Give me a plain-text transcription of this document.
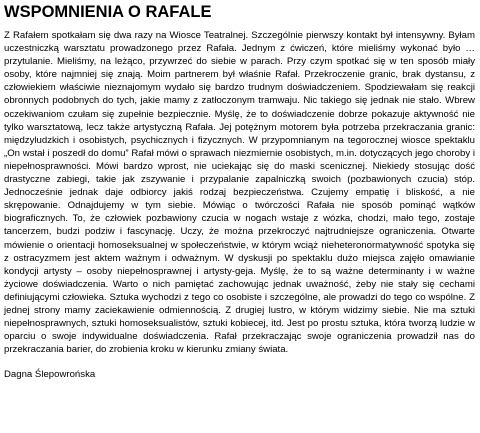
WSPOMNIENIA O RAFALE

Z Rafałem spotkałam się dwa razy na Wiosce Teatralnej. Szczególnie pierwszy kontakt był intensywny. Byłam uczestniczką warsztatu prowadzonego przez Rafała. Jednym z ćwiczeń, które mieliśmy wykonać było … przytulanie. Mieliśmy, na leżąco, przywrzeć do siebie w parach. Przy czym spotkać się w ten sposób miały osoby, które najmniej się znają. Moim partnerem był właśnie Rafał. Przekroczenie granic, brak dystansu, z człowiekiem właściwie nieznajomym wydało się bardzo trudnym doświadczeniem. Spodziewałam się reakcji obronnych podobnych do tych, jakie mamy z zatłoczonym tramwaju. Nic takiego się jednak nie stało. Wbrew oczekiwaniom czułam się zupełnie bezpiecznie. Myślę, że to doświadczenie dobrze pokazuje aktywność nie tylko warsztatową, lecz także artystyczną Rafała. Jej potężnym motorem była potrzeba przekraczania granic: międzyludzkich i osobistych, psychicznych i fizycznych. W przypomnianym na tegorocznej wiosce spektaklu „On wstał i poszedł do domu” Rafał mówi o sprawach niezmiernie osobistych, m.in. dotyczących jego choroby i niepełnosprawności. Mówi bardzo wprost, nie uciekając się do maski scenicznej. Niekiedy stosując dość drastyczne zabiegi, takie jak zszywanie i przypalanie zapalniczką swoich (pozbawionych czucia) stóp. Jednocześnie jednak daje odbiorcy jakiś rodzaj bezpieczeństwa. Czujemy empatię i bliskość, a nie skrępowanie. Odnajdujemy w tym siebie. Mówiąc o twórczości Rafała nie sposób pominąć wątków biograficznych. To, że człowiek pozbawiony czucia w nogach wstaje z wózka, chodzi, mało tego, zostaje tancerzem, budzi podziw i fascynację. Uczy, że można przekroczyć najtrudniejsze ograniczenia. Otwarte mówienie o orientacji homoseksualnej w społeczeństwie, w którym wciąż nieheteronormatywność spotyka się z ostracyzmem jest aktem ważnym i odważnym. W dyskusji po spektaklu dużo miejsca zajęło omawianie kondycji artysty – osoby niepełnosprawnej i artysty-geja. Myślę, że to są ważne determinanty i w ważne życiowe doświadczenia. Warto o nich pamiętać zachowując jednak uważność, żeby nie stały się cechami definiującymi człowieka. Sztuka wychodzi z tego co osobiste i szczególne, ale prowadzi do tego co wspólne. Z jednej strony mamy zaciekawienie odmiennością. Z drugiej lustro, w którym widzimy siebie. Nie ma sztuki niepełnosprawnych, sztuki homoseksualistów, sztuki kobiecej, itd. Jest po prostu sztuka, która tworzą ludzie w oparciu o swoje indywidualne doświadczenia. Rafał przekraczając swoje ograniczenia prowadził nas do przekraczania barier, do zrobienia kroku w kierunku zmiany świata.

Dagna Ślepowrońska
